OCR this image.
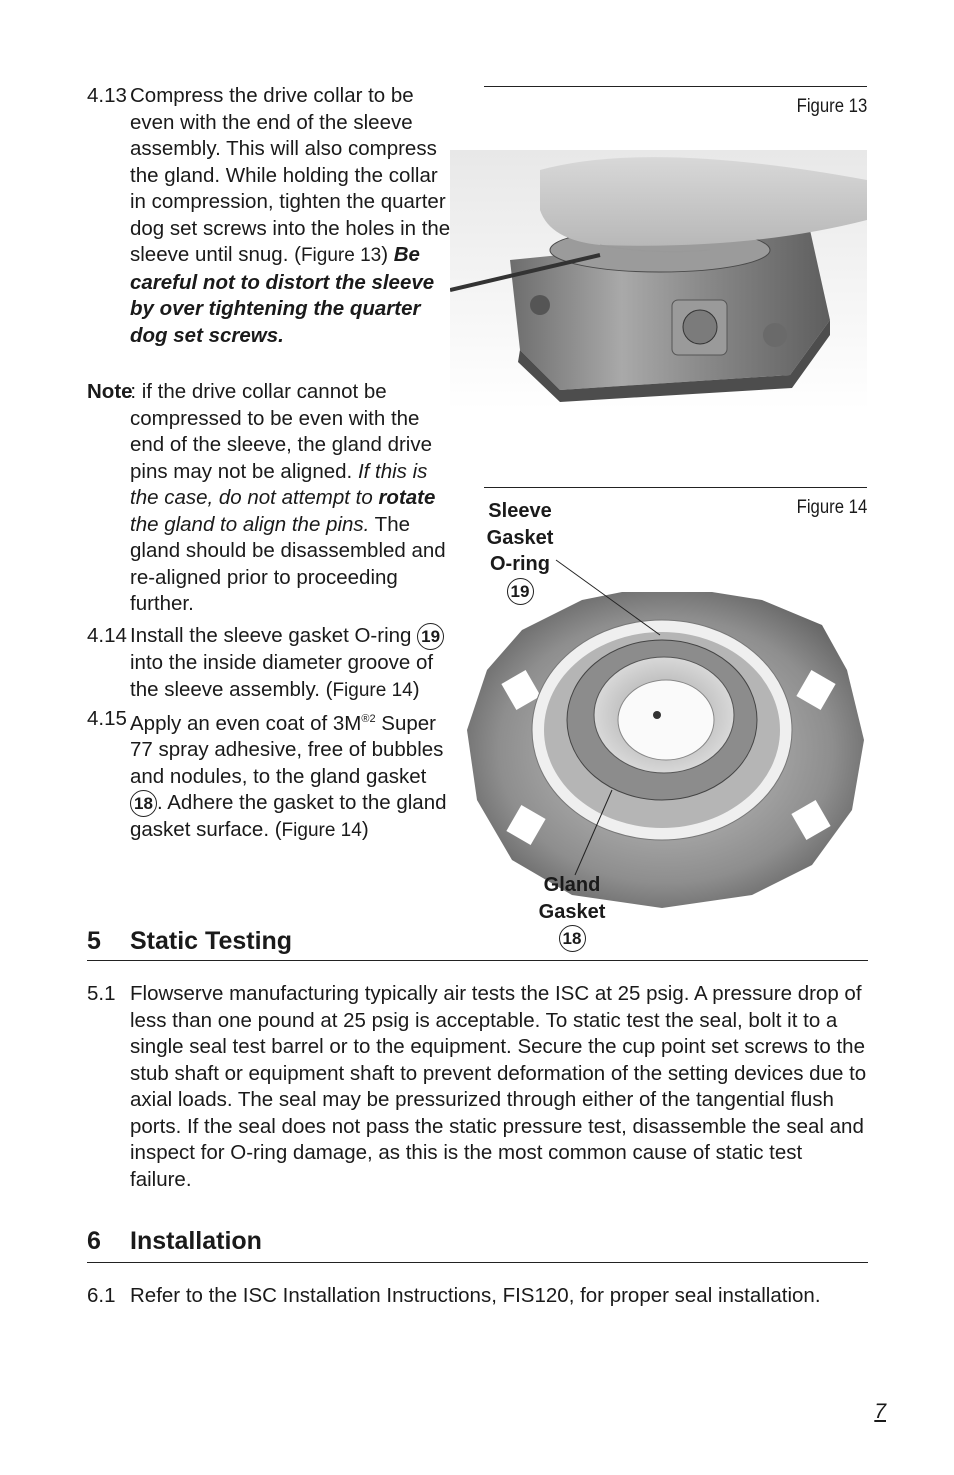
4.13 Compress the drive collar to be even with the end of the sleeve assembly. This will also compress the gland. While holding the collar in compression, tighten the quarter dog set screws into the holes in the sleeve until snug. (Figure 13) Be careful not to distort the sleeve by over tightening the quarter dog set screws.
Note
: if the drive collar cannot be compressed to be even with the end of the sleeve, the gland drive pins may not be aligned. If this is the case, do not attempt to rotate the gland to align the pins. The gland should be disassembled and re-aligned prior to proceeding further.
4.14 Install the sleeve gasket O-ring 19 into the inside diameter groove of the sleeve assembly. (Figure 14)
4.15 Apply an even coat of $3M^{®2}$ Super 77 spray adhesive, free of bubbles and nodules, to the gland gasket 18 . Adhere the gasket to the gland gasket surface. (Figure 14)
Figure 13
Figure 14
Sleeve
Gasket
O-ring
19
Gland
Gasket
18
5 Static Testing
5.1 Flowserve manufacturing typically air tests the ISC at 25 psig. A pressure drop of less than one pound at 25 psig is acceptable. To static test the seal, bolt it to a single seal test barrel or to the equipment. Secure the cup point set screws to the stub shaft or equipment shaft to prevent deformation of the setting devices due to axial loads. The seal may be pressurized through either of the tangential flush ports. If the seal does not pass the static pressure test, disassemble the seal and inspect for O-ring damage, as this is the most common cause of static test failure.
6 Installation
6.1 Refer to the ISC Installation Instructions, FIS120, for proper seal installation.
7
